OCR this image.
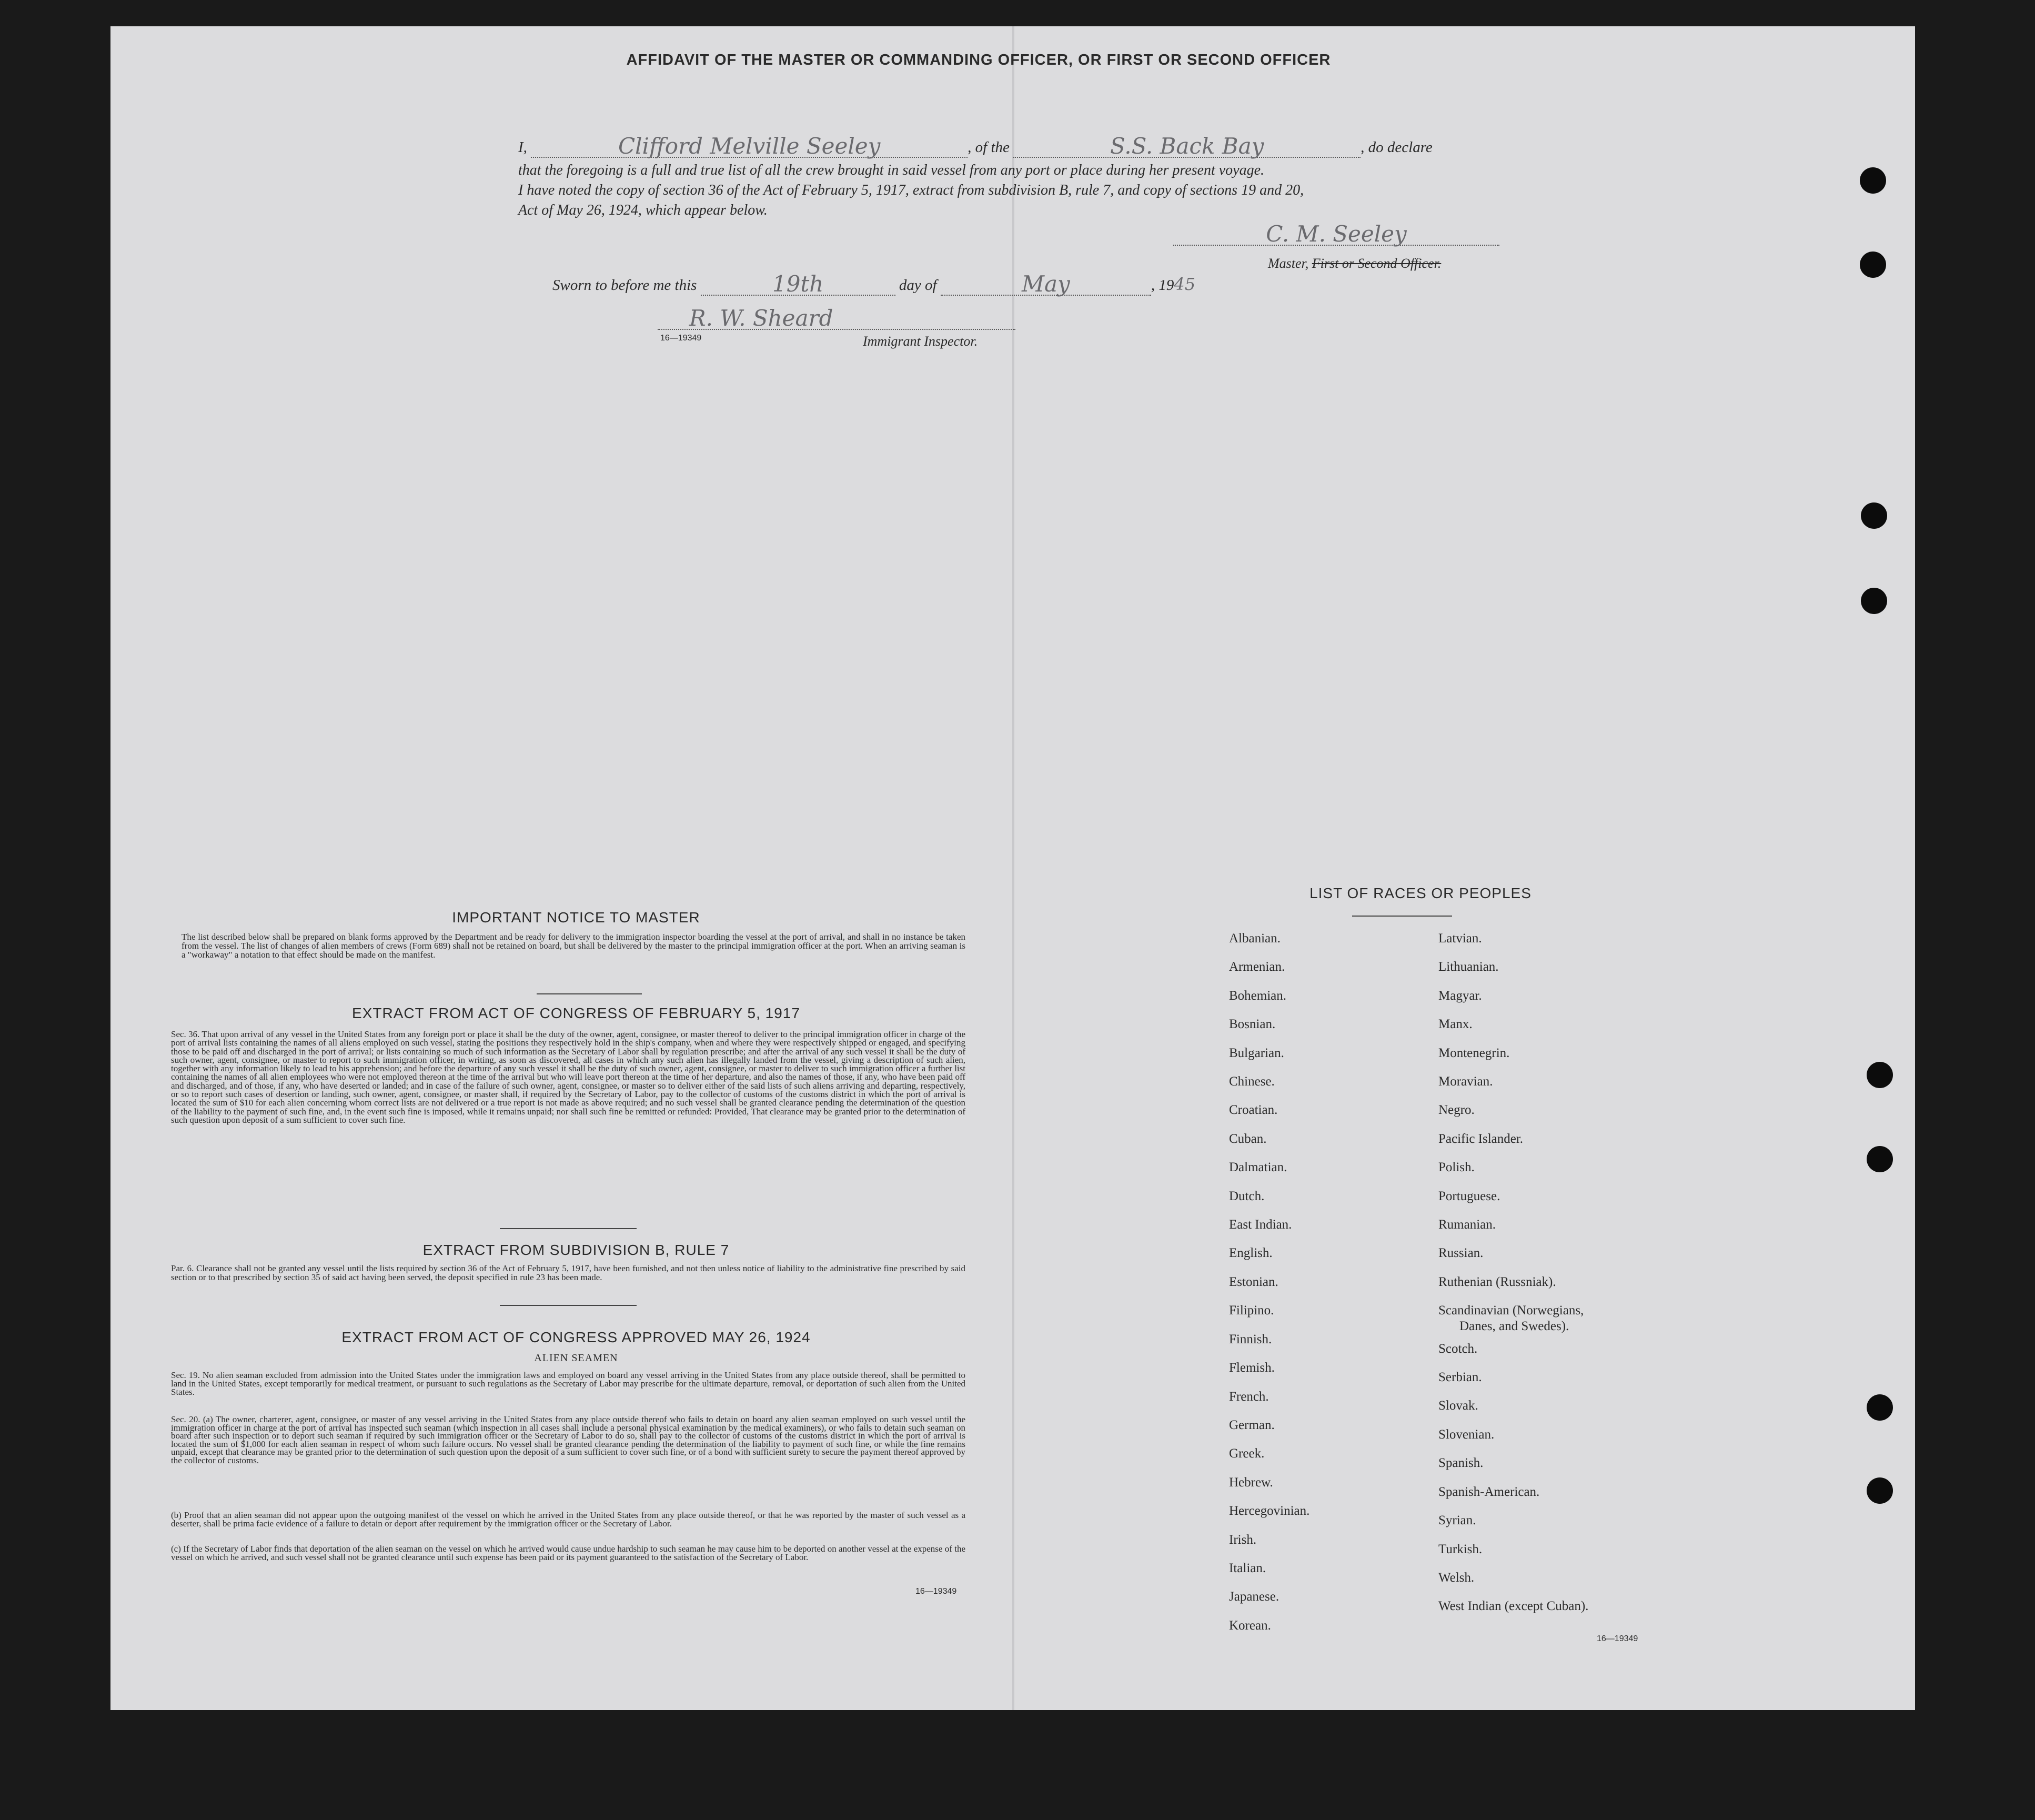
AFFIDAVIT OF THE MASTER OR COMMANDING OFFICER, OR FIRST OR SECOND OFFICER
I,	Clifford Melville Seeley	, of the	S.S. Back Bay	, do declare
that the foregoing is a full and true list of all the crew brought in said vessel from any port or place during her present voyage.
I have noted the copy of section 36 of the Act of February 5, 1917, extract from subdivision B, rule 7, and copy of sections 19 and 20,
Act of May 26, 1924, which appear below.
C. M. Seeley
Master, First or Second Officer.
Sworn to before me this	19th	day of	May	, 1945
R. W. Sheard
16—19349	Immigrant Inspector.
IMPORTANT NOTICE TO MASTER
The list described below shall be prepared on blank forms approved by the Department and be ready for delivery to the immigration inspector boarding the vessel at the port of arrival, and shall in no instance be taken from the vessel. The list of changes of alien members of crews (Form 689) shall not be retained on board, but shall be delivered by the master to the principal immigration officer at the port. When an arriving seaman is a "workaway" a notation to that effect should be made on the manifest.
EXTRACT FROM ACT OF CONGRESS OF FEBRUARY 5, 1917
Sec. 36. That upon arrival of any vessel in the United States from any foreign port or place it shall be the duty of the owner, agent, consignee, or master thereof to deliver to the principal immigration officer in charge of the port of arrival lists containing the names of all aliens employed on such vessel, stating the positions they respectively hold in the ship's company, when and where they were respectively shipped or engaged, and specifying those to be paid off and discharged in the port of arrival; or lists containing so much of such information as the Secretary of Labor shall by regulation prescribe; and after the arrival of any such vessel it shall be the duty of such owner, agent, consignee, or master to report to such immigration officer, in writing, as soon as discovered, all cases in which any such alien has illegally landed from the vessel, giving a description of such alien, together with any information likely to lead to his apprehension; and before the departure of any such vessel it shall be the duty of such owner, agent, consignee, or master to deliver to such immigration officer a further list containing the names of all alien employees who were not employed thereon at the time of the arrival but who will leave port thereon at the time of her departure, and also the names of those, if any, who have been paid off and discharged, and of those, if any, who have deserted or landed; and in case of the failure of such owner, agent, consignee, or master so to deliver either of the said lists of such aliens arriving and departing, respectively, or so to report such cases of desertion or landing, such owner, agent, consignee, or master shall, if required by the Secretary of Labor, pay to the collector of customs of the customs district in which the port of arrival is located the sum of $10 for each alien concerning whom correct lists are not delivered or a true report is not made as above required; and no such vessel shall be granted clearance pending the determination of the question of the liability to the payment of such fine, and, in the event such fine is imposed, while it remains unpaid; nor shall such fine be remitted or refunded: Provided, That clearance may be granted prior to the determination of such question upon deposit of a sum sufficient to cover such fine.
EXTRACT FROM SUBDIVISION B, RULE 7
Par. 6. Clearance shall not be granted any vessel until the lists required by section 36 of the Act of February 5, 1917, have been furnished, and not then unless notice of liability to the administrative fine prescribed by said section or to that prescribed by section 35 of said act having been served, the deposit specified in rule 23 has been made.
EXTRACT FROM ACT OF CONGRESS APPROVED MAY 26, 1924
ALIEN SEAMEN
Sec. 19. No alien seaman excluded from admission into the United States under the immigration laws and employed on board any vessel arriving in the United States from any place outside thereof, shall be permitted to land in the United States, except temporarily for medical treatment, or pursuant to such regulations as the Secretary of Labor may prescribe for the ultimate departure, removal, or deportation of such alien from the United States.
Sec. 20. (a) The owner, charterer, agent, consignee, or master of any vessel arriving in the United States from any place outside thereof who fails to detain on board any alien seaman employed on such vessel until the immigration officer in charge at the port of arrival has inspected such seaman (which inspection in all cases shall include a personal physical examination by the medical examiners), or who fails to detain such seaman on board after such inspection or to deport such seaman if required by such immigration officer or the Secretary of Labor to do so, shall pay to the collector of customs of the customs district in which the port of arrival is located the sum of $1,000 for each alien seaman in respect of whom such failure occurs. No vessel shall be granted clearance pending the determination of the liability to payment of such fine, or while the fine remains unpaid, except that clearance may be granted prior to the determination of such question upon the deposit of a sum sufficient to cover such fine, or of a bond with sufficient surety to secure the payment thereof approved by the collector of customs.
(b) Proof that an alien seaman did not appear upon the outgoing manifest of the vessel on which he arrived in the United States from any place outside thereof, or that he was reported by the master of such vessel as a deserter, shall be prima facie evidence of a failure to detain or deport after requirement by the immigration officer or the Secretary of Labor.
(c) If the Secretary of Labor finds that deportation of the alien seaman on the vessel on which he arrived would cause undue hardship to such seaman he may cause him to be deported on another vessel at the expense of the vessel on which he arrived, and such vessel shall not be granted clearance until such expense has been paid or its payment guaranteed to the satisfaction of the Secretary of Labor.
16—19349
LIST OF RACES OR PEOPLES
Albanian.
Armenian.
Bohemian.
Bosnian.
Bulgarian.
Chinese.
Croatian.
Cuban.
Dalmatian.
Dutch.
East Indian.
English.
Estonian.
Filipino.
Finnish.
Flemish.
French.
German.
Greek.
Hebrew.
Hercegovinian.
Irish.
Italian.
Japanese.
Korean.
Latvian.
Lithuanian.
Magyar.
Manx.
Montenegrin.
Moravian.
Negro.
Pacific Islander.
Polish.
Portuguese.
Rumanian.
Russian.
Ruthenian (Russniak).
Scandinavian (Norwegians,
Danes, and Swedes).
Scotch.
Serbian.
Slovak.
Slovenian.
Spanish.
Spanish-American.
Syrian.
Turkish.
Welsh.
West Indian (except Cuban).
16—19349
